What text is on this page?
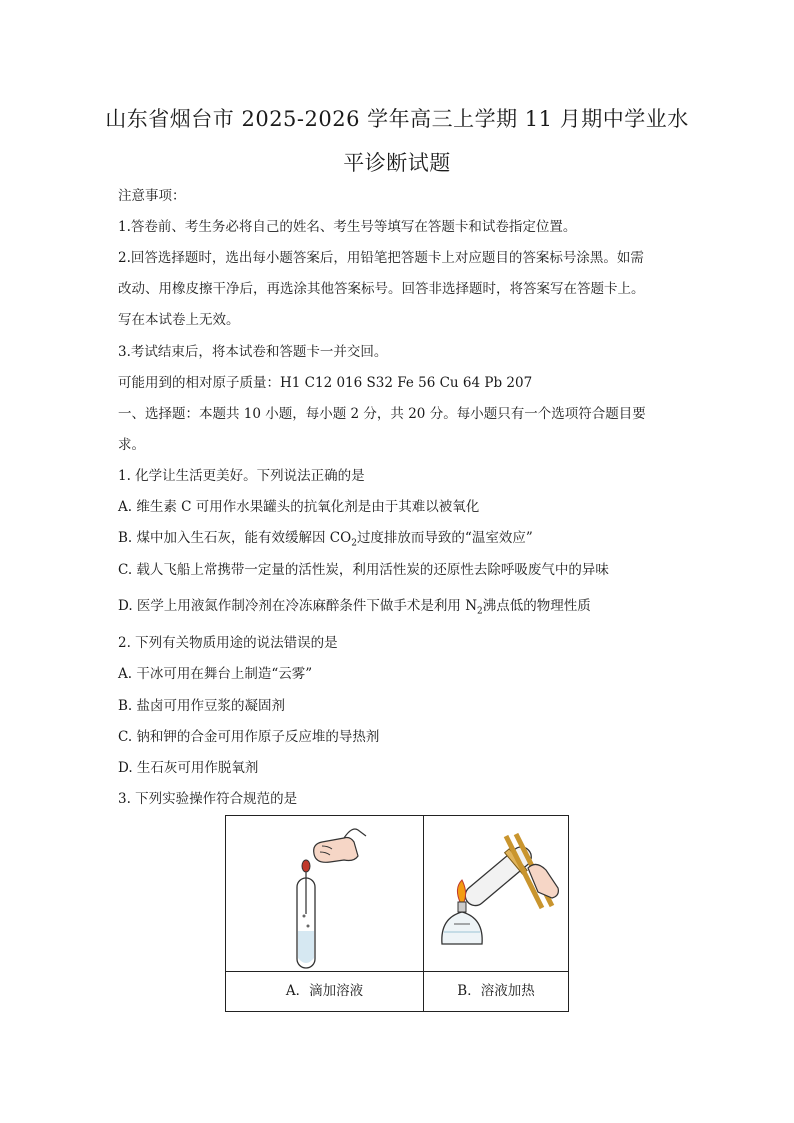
山东省烟台市 2025-2026 学年高三上学期 11 月期中学业水
平诊断试题
注意事项：
1.答卷前、考生务必将自己的姓名、考生号等填写在答题卡和试卷指定位置。
2.回答选择题时，选出每小题答案后，用铅笔把答题卡上对应题目的答案标号涂黑。如需
改动、用橡皮擦干净后，再选涂其他答案标号。回答非选择题时，将答案写在答题卡上。
写在本试卷上无效。
3.考试结束后，将本试卷和答题卡一并交回。
可能用到的相对原子质量：H1 C12 016 S32 Fe 56 Cu 64 Pb 207
一、选择题：本题共 10 小题，每小题 2 分，共 20 分。每小题只有一个选项符合题目要
求。
1. 化学让生活更美好。下列说法正确的是
A. 维生素 C 可用作水果罐头的抗氧化剂是由于其难以被氧化
B. 煤中加入生石灰，能有效缓解因 $CO_2$过度排放而导致的“温室效应”
C. 载人飞船上常携带一定量的活性炭，利用活性炭的还原性去除呼吸废气中的异味
D. 医学上用液氮作制冷剂在冷冻麻醉条件下做手术是利用 $N_2$沸点低的物理性质
2. 下列有关物质用途的说法错误的是
A. 干冰可用在舞台上制造“云雾”
B. 盐卤可用作豆浆的凝固剂
C. 钠和钾的合金可用作原子反应堆的导热剂
D. 生石灰可用作脱氧剂
3. 下列实验操作符合规范的是
A．滴加溶液	B．溶液加热
